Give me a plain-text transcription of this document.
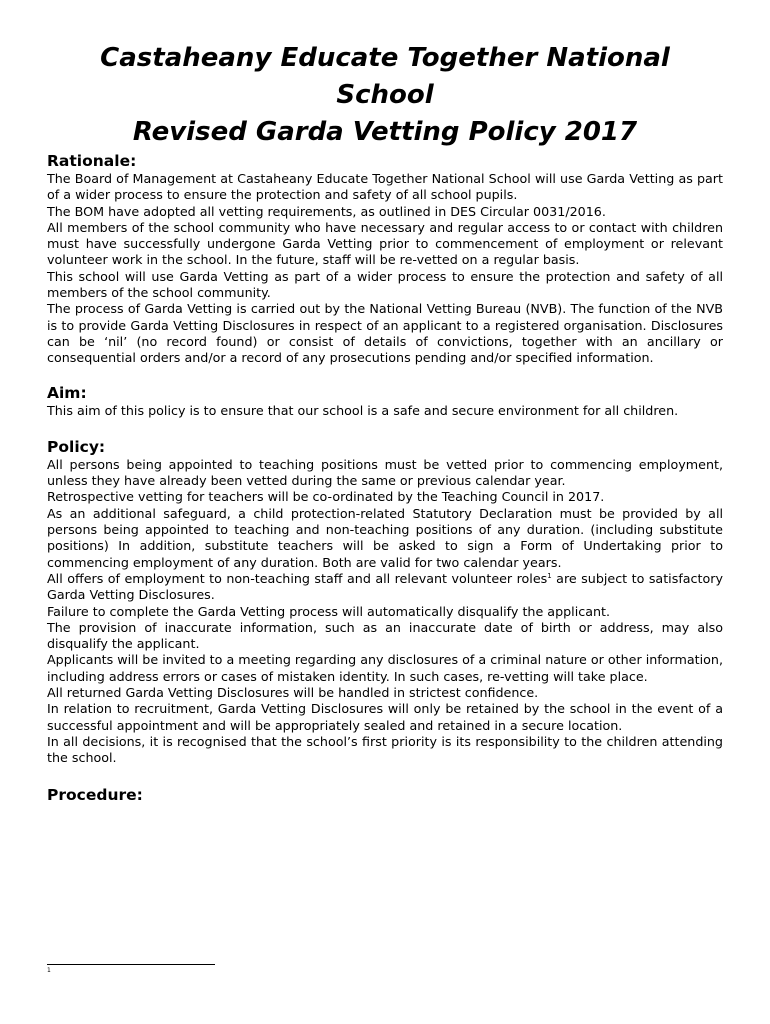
Castaheany Educate Together National
School
Revised Garda Vetting Policy 2017
Rationale:

The Board of Management at Castaheany Educate Together National School will use Garda Vetting as part of a wider process to ensure the protection and safety of all school pupils.

The BOM have adopted all vetting requirements, as outlined in DES Circular 0031/2016.

All members of the school community who have necessary and regular access to or contact with children must have successfully undergone Garda Vetting prior to commencement of employment or relevant volunteer work in the school. In the future, staff will be re-vetted on a regular basis.

This school will use Garda Vetting as part of a wider process to ensure the protection and safety of all members of the school community.

The process of Garda Vetting is carried out by the National Vetting Bureau (NVB). The function of the NVB is to provide Garda Vetting Disclosures in respect of an applicant to a registered organisation. Disclosures can be ‘nil’ (no record found) or consist of details of convictions, together with an ancillary or consequential orders and/or a record of any prosecutions pending and/or specified information.

Aim:

This aim of this policy is to ensure that our school is a safe and secure environment for all children.

Policy:

All persons being appointed to teaching positions must be vetted prior to commencing employment, unless they have already been vetted during the same or previous calendar year.

Retrospective vetting for teachers will be co-ordinated by the Teaching Council in 2017.

As an additional safeguard, a child protection-related Statutory Declaration must be provided by all persons being appointed to teaching and non-teaching positions of any duration. (including substitute positions) In addition, substitute teachers will be asked to sign a Form of Undertaking prior to commencing employment of any duration. Both are valid for two calendar years.

All offers of employment to non-teaching staff and all relevant volunteer roles$^1$ are subject to satisfactory Garda Vetting Disclosures.

Failure to complete the Garda Vetting process will automatically disqualify the applicant.

The provision of inaccurate information, such as an inaccurate date of birth or address, may also disqualify the applicant.

Applicants will be invited to a meeting regarding any disclosures of a criminal nature or other information, including address errors or cases of mistaken identity. In such cases, re-vetting will take place.

All returned Garda Vetting Disclosures will be handled in strictest confidence.

In relation to recruitment, Garda Vetting Disclosures will only be retained by the school in the event of a successful appointment and will be appropriately sealed and retained in a secure location.

In all decisions, it is recognised that the school’s first priority is its responsibility to the children attending the school.

Procedure:
1
